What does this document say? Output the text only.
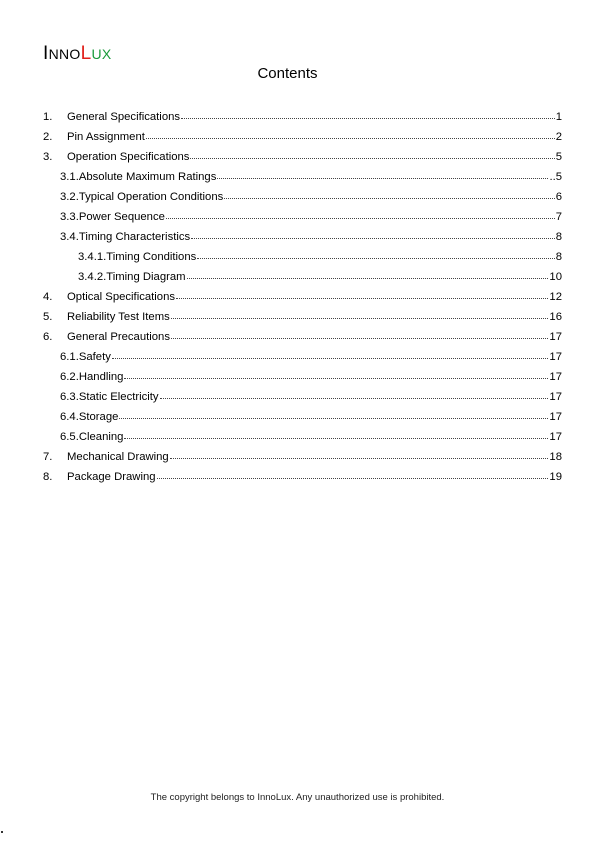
INNOLUX
Contents
1.	General Specifications	1
2.	Pin Assignment	2
3.	Operation Specifications	5
3.1. Absolute Maximum Ratings	..5
3.2. Typical Operation Conditions	6
3.3. Power Sequence	7
3.4. Timing Characteristics	8
3.4.1. Timing Conditions	8
3.4.2. Timing Diagram	10
4.	Optical Specifications	12
5.	Reliability Test Items	16
6.	General Precautions	17
6.1. Safety	17
6.2. Handling	17
6.3. Static Electricity	17
6.4. Storage	17
6.5. Cleaning	17
7.	Mechanical Drawing	18
8.	Package Drawing	19
The copyright belongs to InnoLux. Any unauthorized use is prohibited.
